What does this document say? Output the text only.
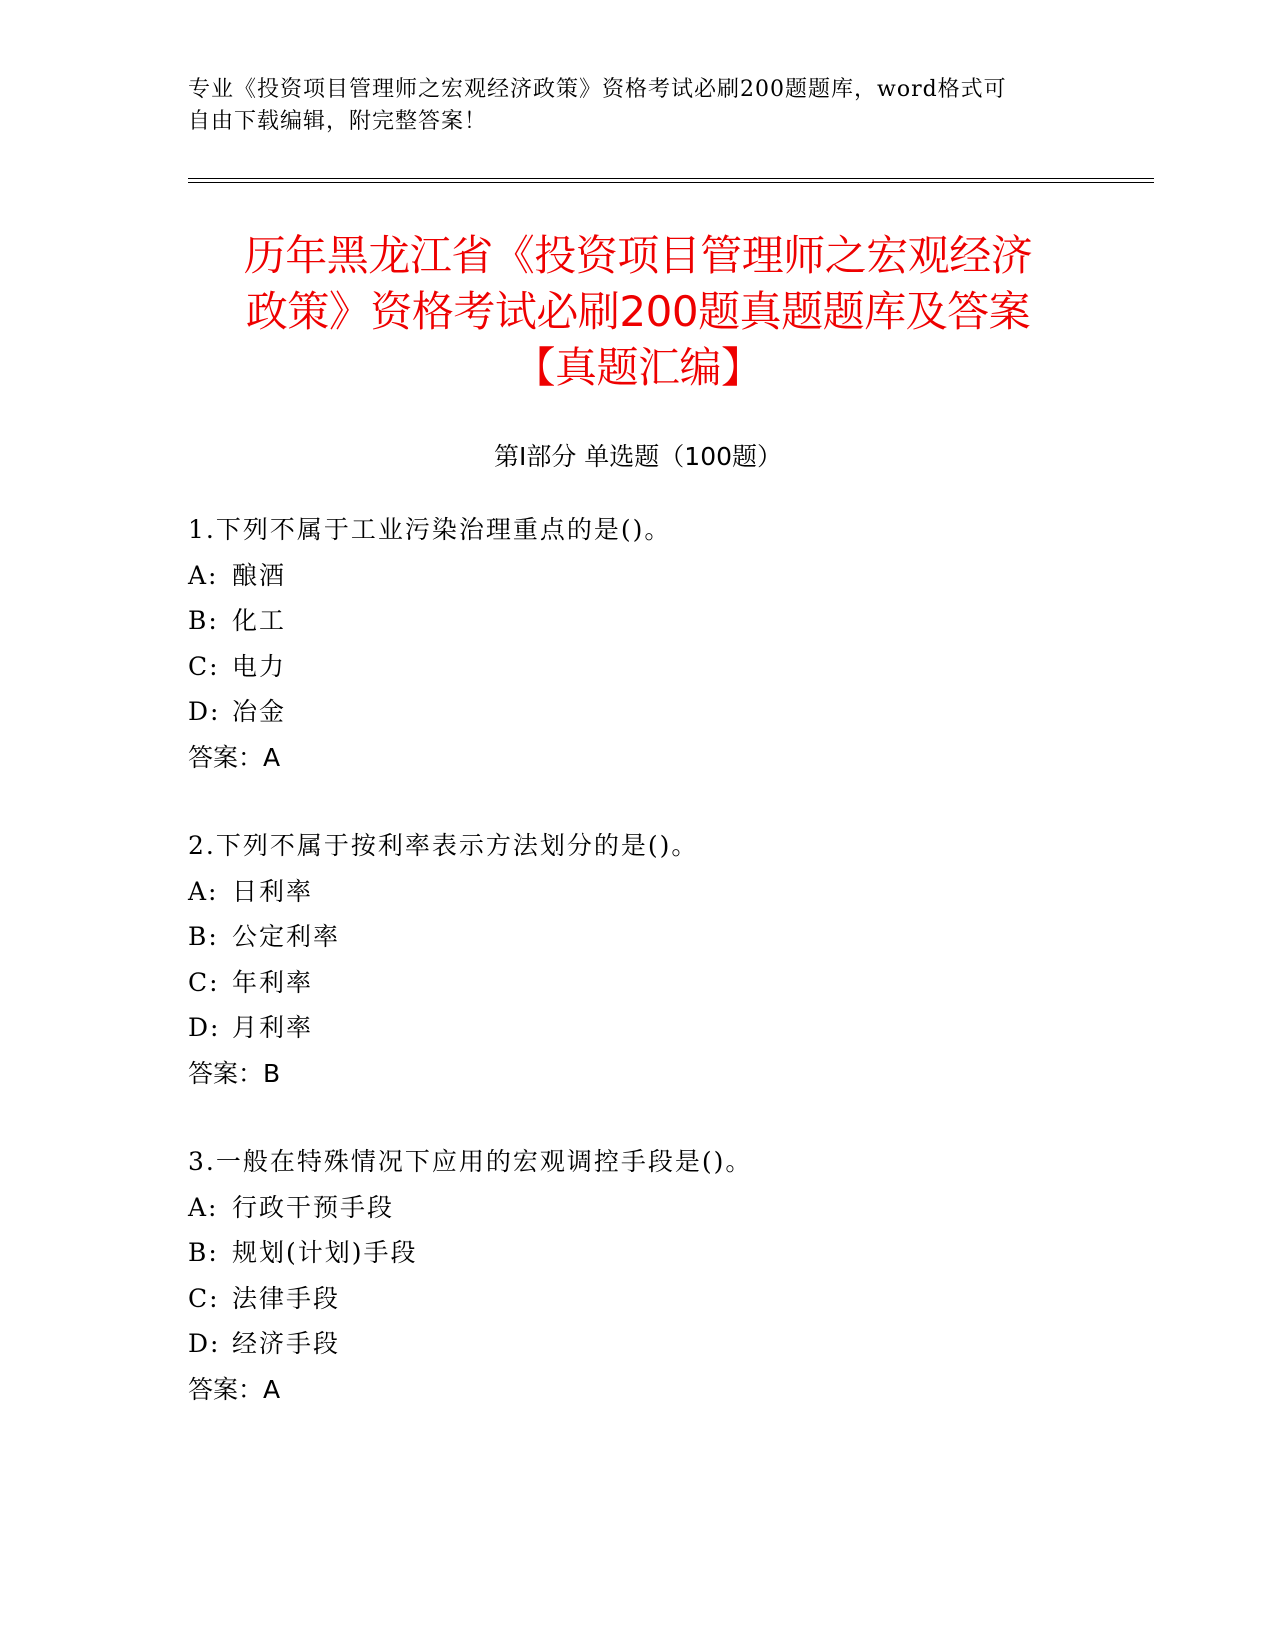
专业《投资项目管理师之宏观经济政策》资格考试必刷200题题库，word格式可
自由下载编辑，附完整答案！
历年黑龙江省《投资项目管理师之宏观经济
政策》资格考试必刷200题真题题库及答案
【真题汇编】
第Ⅰ部分 单选题（100题）
1.下列不属于工业污染治理重点的是()。
A: 酿酒
B: 化工
C: 电力
D: 冶金
答案：A
2.下列不属于按利率表示方法划分的是()。
A: 日利率
B: 公定利率
C: 年利率
D: 月利率
答案：B
3.一般在特殊情况下应用的宏观调控手段是()。
A: 行政干预手段
B: 规划(计划)手段
C: 法律手段
D: 经济手段
答案：A
